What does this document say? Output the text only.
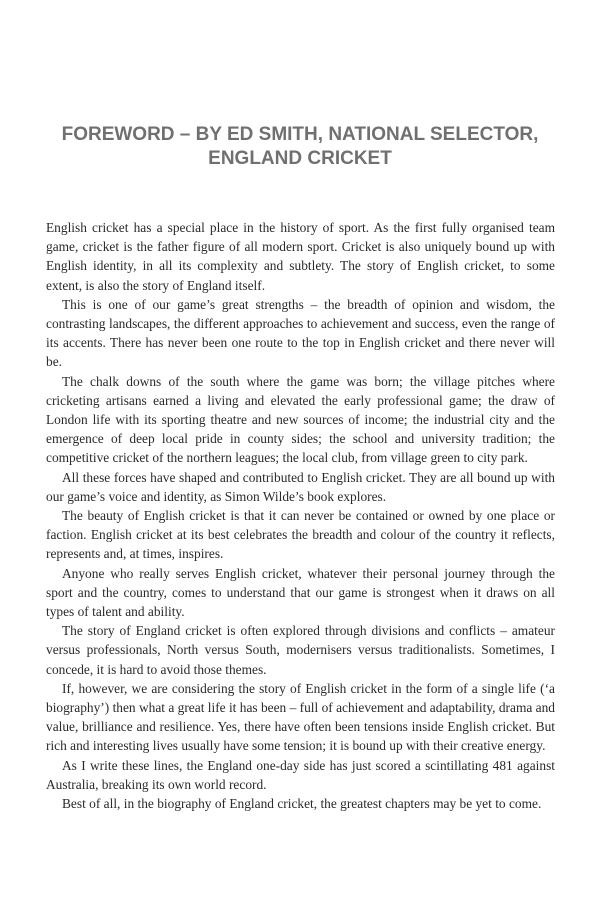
FOREWORD – BY ED SMITH, NATIONAL SELECTOR,
ENGLAND CRICKET

English cricket has a special place in the history of sport. As the first fully organised team game, cricket is the father figure of all modern sport. Cricket is also uniquely bound up with English identity, in all its complexity and subtlety. The story of English cricket, to some extent, is also the story of England itself.

This is one of our game’s great strengths – the breadth of opinion and wisdom, the contrasting landscapes, the different approaches to achievement and success, even the range of its accents. There has never been one route to the top in English cricket and there never will be.

The chalk downs of the south where the game was born; the village pitches where cricketing artisans earned a living and elevated the early professional game; the draw of London life with its sporting theatre and new sources of income; the industrial city and the emergence of deep local pride in county sides; the school and university tradition; the competitive cricket of the northern leagues; the local club, from village green to city park.

All these forces have shaped and contributed to English cricket. They are all bound up with our game’s voice and identity, as Simon Wilde’s book explores.

The beauty of English cricket is that it can never be contained or owned by one place or faction. English cricket at its best celebrates the breadth and colour of the country it reflects, represents and, at times, inspires.

Anyone who really serves English cricket, whatever their personal journey through the sport and the country, comes to understand that our game is strongest when it draws on all types of talent and ability.

The story of England cricket is often explored through divisions and conflicts – amateur versus professionals, North versus South, modernisers versus traditionalists. Sometimes, I concede, it is hard to avoid those themes.

If, however, we are considering the story of English cricket in the form of a single life (‘a biography’) then what a great life it has been – full of achievement and adaptability, drama and value, brilliance and resilience. Yes, there have often been tensions inside English cricket. But rich and interesting lives usually have some tension; it is bound up with their creative energy.

As I write these lines, the England one-day side has just scored a scintillating 481 against Australia, breaking its own world record.

Best of all, in the biography of England cricket, the greatest chapters may be yet to come.
